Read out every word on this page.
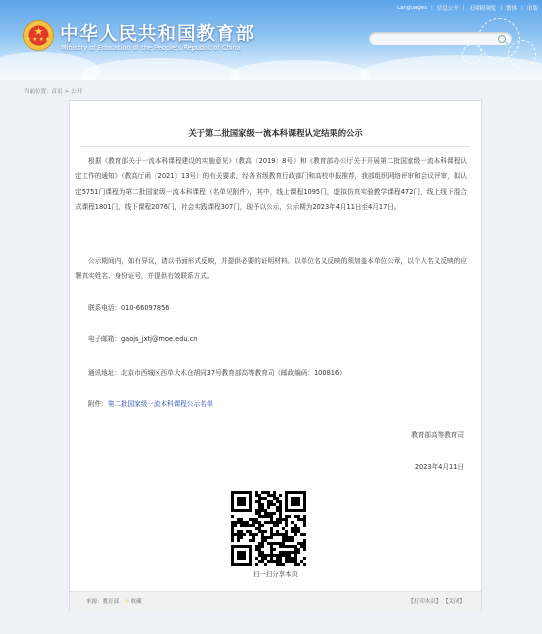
★
★★★★ 中华人民共和国教育部
Ministry of Education of the People's Republic of China
Languages | 信息公开 | 无障碍浏览 | 繁体 | 旧版
当前位置：首页 > 公开
关于第二批国家级一流本科课程认定结果的公示
根据《教育部关于一流本科课程建设的实施意见》（教高〔2019〕8号）和《教育部办公厅关于开展第二批国家级一流本科课程认定工作的通知》（教高厅函〔2021〕13号）的有关要求，经各省级教育行政部门和高校申报推荐，我部组织网络评审和会议评审，拟认定5751门课程为第二批国家级一流本科课程（名单见附件），其中，线上课程1095门，虚拟仿真实验教学课程472门，线上线下混合式课程1801门，线下课程2076门，社会实践课程307门，现予以公示，公示期为2023年4月11日至4月17日。
公示期间内，如有异议，请以书面形式反映，并提供必要的证明材料。以单位名义反映的须加盖本单位公章，以个人名义反映的应署真实姓名、身份证号，并提供有效联系方式。
联系电话：010-66097856
电子邮箱：gaojs_jxtj@moe.edu.cn
通讯地址：北京市西城区西单大木仓胡同37号教育部高等教育司（邮政编码：100816）
附件：第二批国家级一流本科课程公示名单
教育部高等教育司
2023年4月11日
扫一扫分享本页
来源：教育部 ☆收藏	【打印本页】 【关闭】
